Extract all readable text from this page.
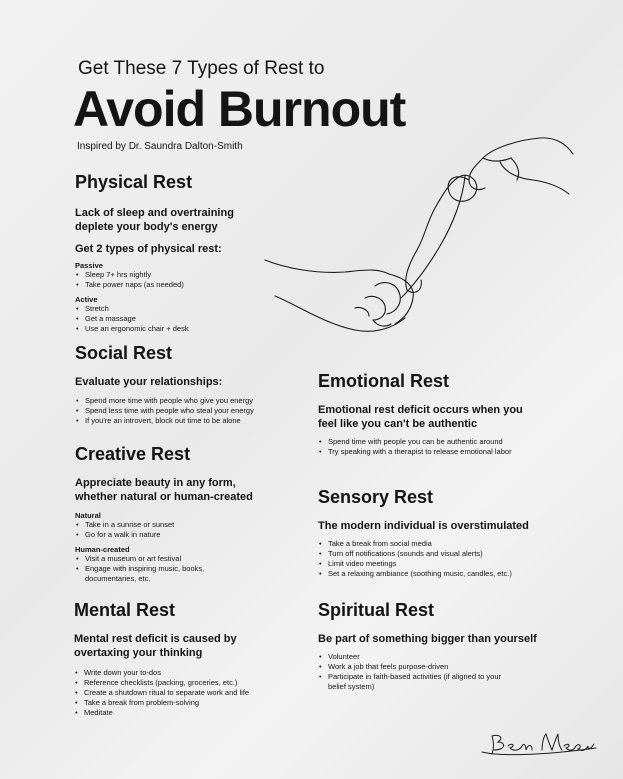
Get These 7 Types of Rest to
Avoid Burnout
Inspired by Dr. Saundra Dalton-Smith
Physical Rest
Lack of sleep and overtraining deplete your body's energy
Get 2 types of physical rest:
Passive
• Sleep 7+ hrs nightly
• Take power naps (as needed)
Active
• Stretch
• Get a massage
• Use an ergonomic chair + desk
Social Rest
Evaluate your relationships:
• Spend more time with people who give you energy
• Spend less time with people who steal your energy
• If you're an introvert, block out time to be alone
Creative Rest
Appreciate beauty in any form, whether natural or human-created
Natural
• Take in a sunrise or sunset
• Go for a walk in nature
Human-created
• Visit a museum or art festival
• Engage with inspiring music, books, documentaries, etc.
Mental Rest
Mental rest deficit is caused by overtaxing your thinking
• Write down your to-dos
• Reference checklists (packing, groceries, etc.)
• Create a shutdown ritual to separate work and life
• Take a break from problem-solving
• Meditate
Emotional Rest
Emotional rest deficit occurs when you feel like you can't be authentic
• Spend time with people you can be authentic around
• Try speaking with a therapist to release emotional labor
Sensory Rest
The modern individual is overstimulated
• Take a break from social media
• Turn off notifications (sounds and visual alerts)
• Limit video meetings
• Set a relaxing ambiance (soothing music, candles, etc.)
Spiritual Rest
Be part of something bigger than yourself
• Volunteer
• Work a job that feels purpose-driven
• Participate in faith-based activities (if aligned to your belief system)
